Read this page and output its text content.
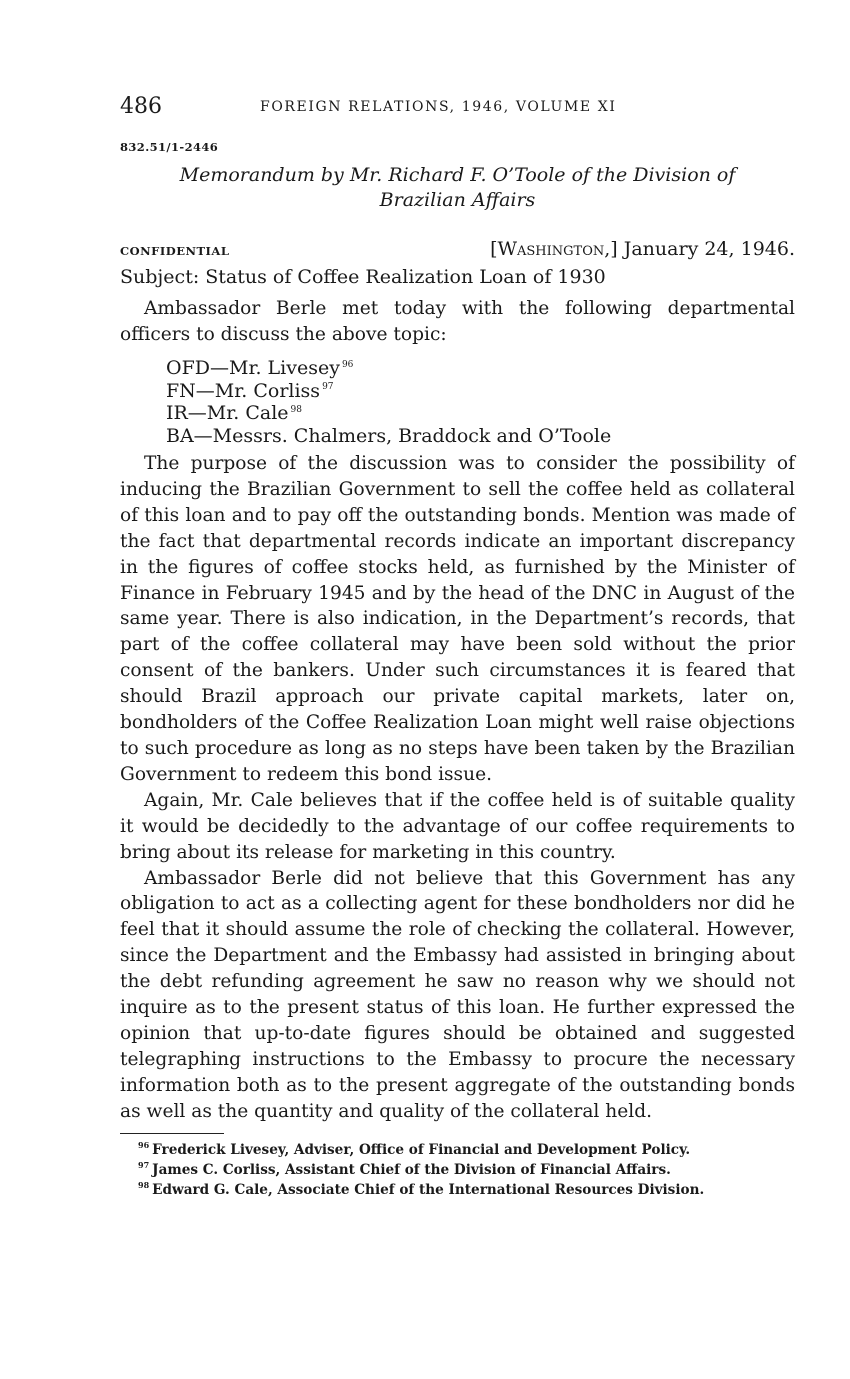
486	FOREIGN RELATIONS, 1946, VOLUME XI
832.51/1-2446
Memorandum by Mr. Richard F. O’Toole of the Division of
Brazilian Affairs
CONFIDENTIAL	[Washington,] January 24, 1946.
Subject: Status of Coffee Realization Loan of 1930

Ambassador Berle met today with the following departmental officers to discuss the above topic:

OFD—Mr. Livesey $^{96}$
FN—Mr. Corliss $^{97}$
IR—Mr. Cale $^{98}$
BA—Messrs. Chalmers, Braddock and O’Toole

The purpose of the discussion was to consider the possibility of inducing the Brazilian Government to sell the coffee held as collateral of this loan and to pay off the outstanding bonds. Mention was made of the fact that departmental records indicate an important discrepancy in the figures of coffee stocks held, as furnished by the Minister of Finance in February 1945 and by the head of the DNC in August of the same year. There is also indication, in the Department’s records, that part of the coffee collateral may have been sold without the prior consent of the bankers. Under such circumstances it is feared that should Brazil approach our private capital markets, later on, bondholders of the Coffee Realization Loan might well raise objections to such procedure as long as no steps have been taken by the Brazilian Government to redeem this bond issue.

Again, Mr. Cale believes that if the coffee held is of suitable quality it would be decidedly to the advantage of our coffee requirements to bring about its release for marketing in this country.

Ambassador Berle did not believe that this Government has any obligation to act as a collecting agent for these bondholders nor did he feel that it should assume the role of checking the collateral. However, since the Department and the Embassy had assisted in bringing about the debt refunding agreement he saw no reason why we should not inquire as to the present status of this loan. He further expressed the opinion that up-to-date figures should be obtained and suggested telegraphing instructions to the Embassy to procure the necessary information both as to the present aggregate of the outstanding bonds as well as the quantity and quality of the collateral held.

$^{96}$ Frederick Livesey, Adviser, Office of Financial and Development Policy.
$^{97}$ James C. Corliss, Assistant Chief of the Division of Financial Affairs.
$^{98}$ Edward G. Cale, Associate Chief of the International Resources Division.
